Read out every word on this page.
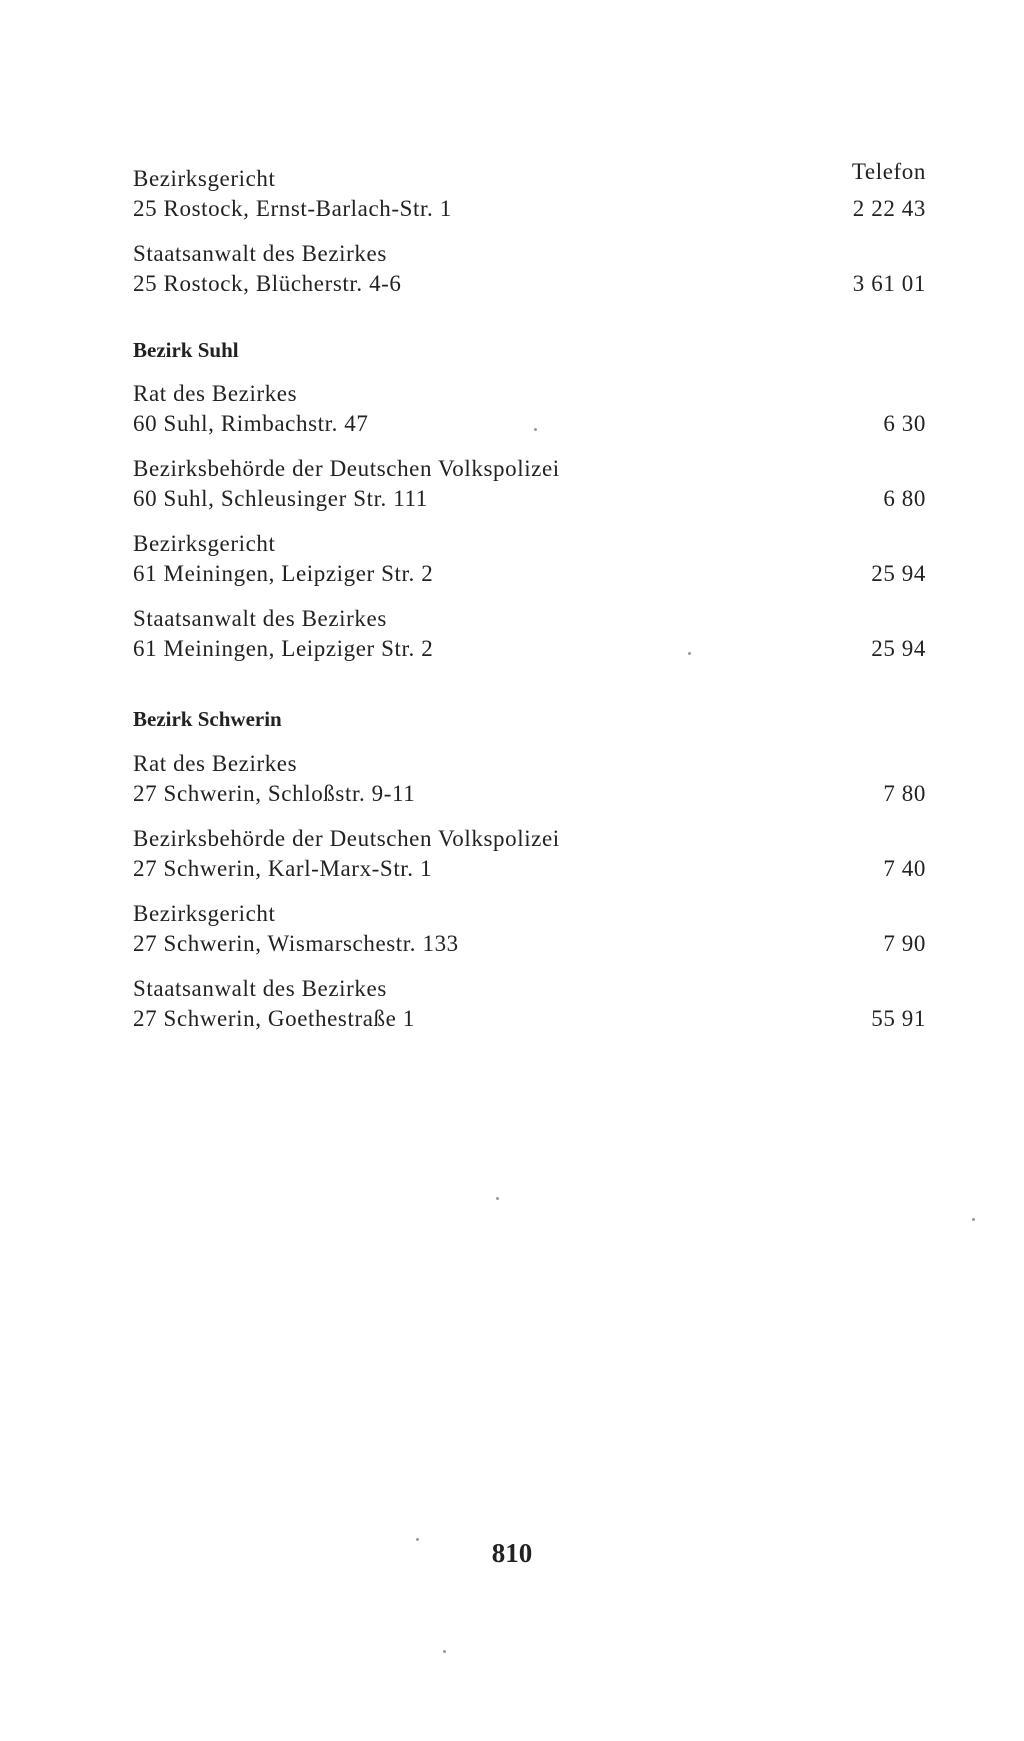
Telefon
Bezirksgericht
25 Rostock, Ernst-Barlach-Str. 1	2 22 43
Staatsanwalt des Bezirkes
25 Rostock, Blücherstr. 4-6	3 61 01
Bezirk Suhl
Rat des Bezirkes
60 Suhl, Rimbachstr. 47	6 30
Bezirksbehörde der Deutschen Volkspolizei
60 Suhl, Schleusinger Str. 111	6 80
Bezirksgericht
61 Meiningen, Leipziger Str. 2	25 94
Staatsanwalt des Bezirkes
61 Meiningen, Leipziger Str. 2	25 94
Bezirk Schwerin
Rat des Bezirkes
27 Schwerin, Schloßstr. 9-11	7 80
Bezirksbehörde der Deutschen Volkspolizei
27 Schwerin, Karl-Marx-Str. 1	7 40
Bezirksgericht
27 Schwerin, Wismarschestr. 133	7 90
Staatsanwalt des Bezirkes
27 Schwerin, Goethestraße 1	55 91
810
